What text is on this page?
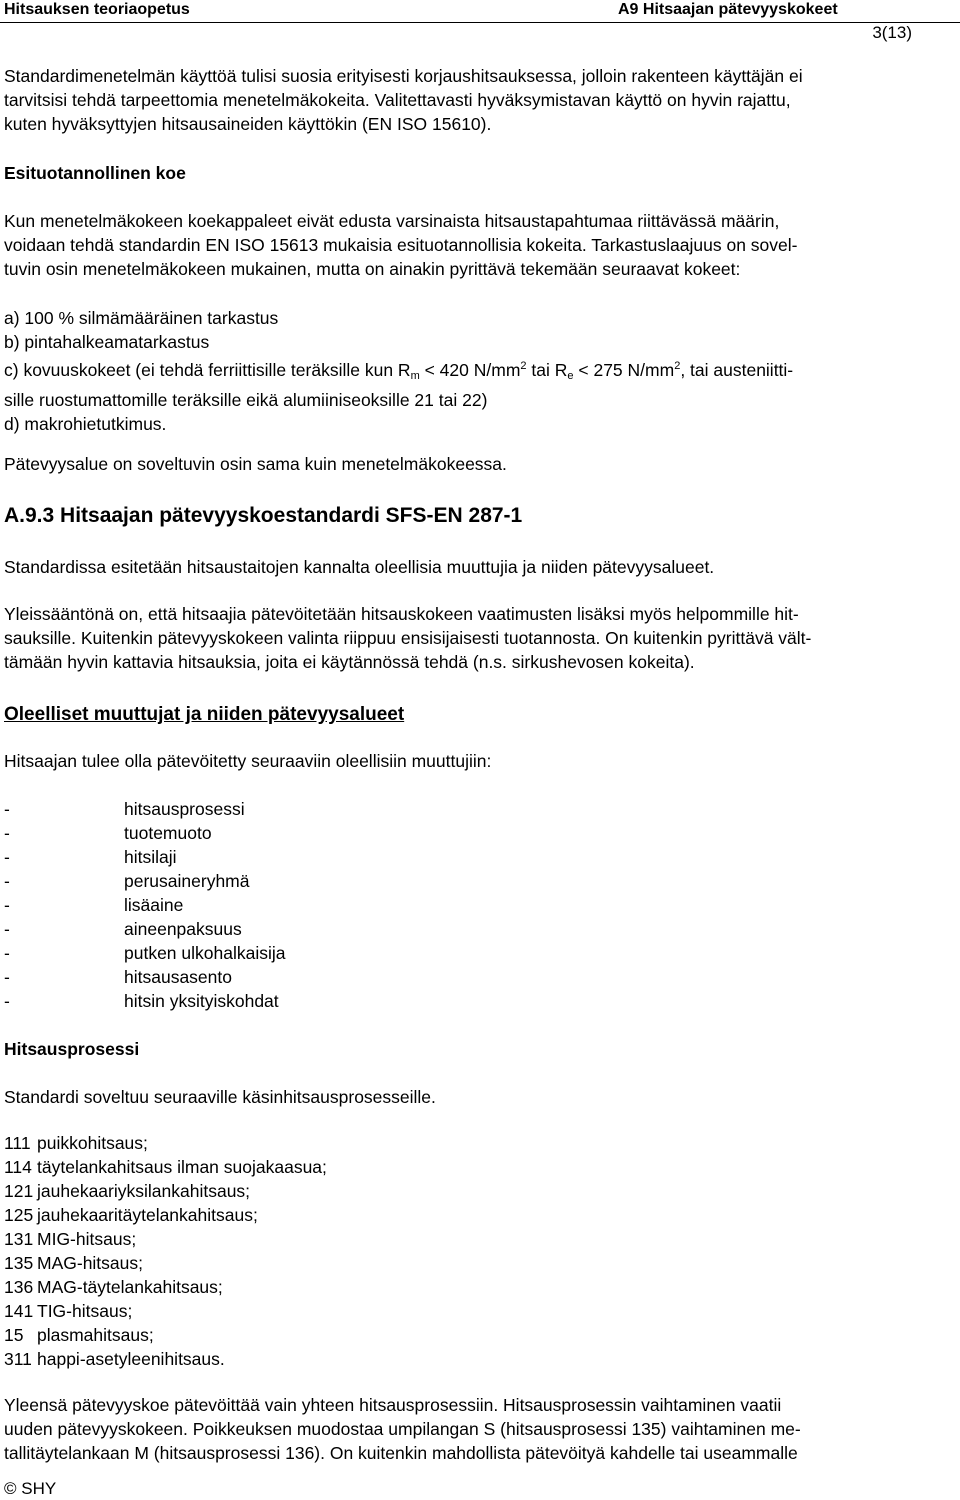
Hitsauksen teoriaopetus	A9 Hitsaajan pätevyyskokeet
3(13)
Standardimenetelmän käyttöä tulisi suosia erityisesti korjaushitsauksessa, jolloin rakenteen käyttäjän ei
tarvitsisi tehdä tarpeettomia menetelmäkokeita. Valitettavasti hyväksymistavan käyttö on hyvin rajattu,
kuten hyväksyttyjen hitsausaineiden käyttökin (EN ISO 15610).
Esituotannollinen koe
Kun menetelmäkokeen koekappaleet eivät edusta varsinaista hitsaustapahtumaa riittävässä määrin,
voidaan tehdä standardin EN ISO 15613 mukaisia esituotannollisia kokeita. Tarkastuslaajuus on sovel-
tuvin osin menetelmäkokeen mukainen, mutta on ainakin pyrittävä tekemään seuraavat kokeet:
a) 100 % silmämääräinen tarkastus
b) pintahalkeamatarkastus
c) kovuuskokeet (ei tehdä ferriittisille teräksille kun $R_m < 420$ $N/mm^2$ tai $R_e < 275$ $N/mm^2$, tai austeniitti-
sille ruostumattomille teräksille eikä alumiiniseoksille 21 tai 22)
d) makrohietutkimus.
Pätevyysalue on soveltuvin osin sama kuin menetelmäkokeessa.
A.9.3 Hitsaajan pätevyyskoestandardi SFS-EN 287-1
Standardissa esitetään hitsaustaitojen kannalta oleellisia muuttujia ja niiden pätevyysalueet.
Yleissääntönä on, että hitsaajia pätevöitetään hitsauskokeen vaatimusten lisäksi myös helpommille hit-
sauksille. Kuitenkin pätevyyskokeen valinta riippuu ensisijaisesti tuotannosta. On kuitenkin pyrittävä vält-
tämään hyvin kattavia hitsauksia, joita ei käytännössä tehdä (n.s. sirkushevosen kokeita).
Oleelliset muuttujat ja niiden pätevyysalueet
Hitsaajan tulee olla pätevöitetty seuraaviin oleellisiin muuttujiin:
-	hitsausprosessi
-	tuotemuoto
-	hitsilaji
-	perusaineryhmä
-	lisäaine
-	aineenpaksuus
-	putken ulkohalkaisija
-	hitsausasento
-	hitsin yksityiskohdat
Hitsausprosessi
Standardi soveltuu seuraaville käsinhitsausprosesseille.
111 puikkohitsaus;
114 täytelankahitsaus ilman suojakaasua;
121 jauhekaariyksilankahitsaus;
125 jauhekaaritäytelankahitsaus;
131 MIG-hitsaus;
135 MAG-hitsaus;
136 MAG-täytelankahitsaus;
141 TIG-hitsaus;
15 plasmahitsaus;
311 happi-asetyleenihitsaus.
Yleensä pätevyyskoe pätevöittää vain yhteen hitsausprosessiin. Hitsausprosessin vaihtaminen vaatii
uuden pätevyyskokeen. Poikkeuksen muodostaa umpilangan S (hitsausprosessi 135) vaihtaminen me-
tallitäytelankaan M (hitsausprosessi 136). On kuitenkin mahdollista pätevöityä kahdelle tai useammalle
© SHY
